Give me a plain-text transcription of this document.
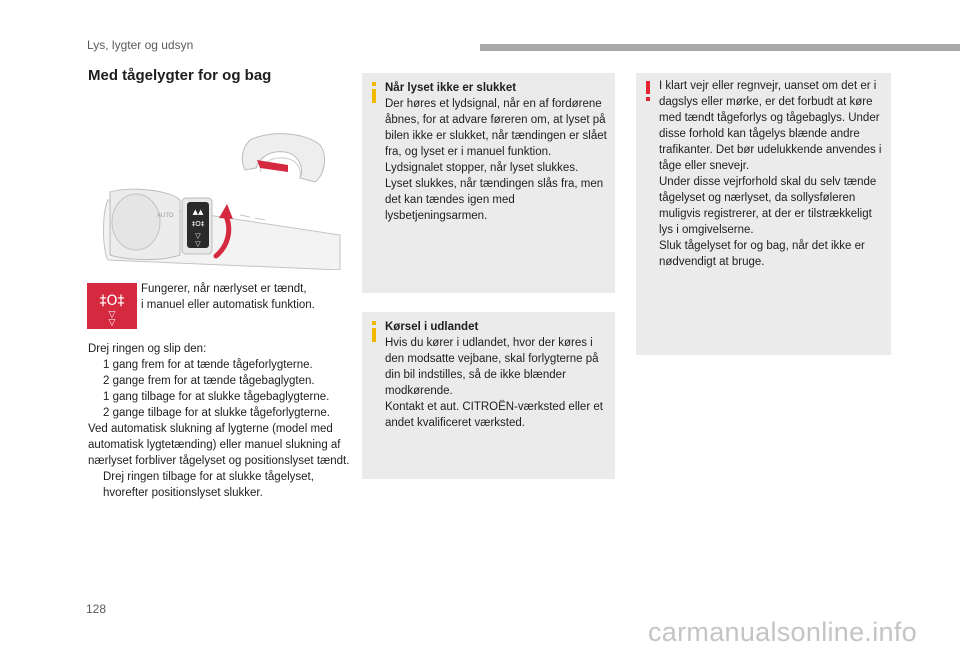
Lys, lygter og udsyn
Med tågelygter for og bag
▲▲
‡O‡
▽
▽
AUTO
‡O‡
▽
▽
Fungerer, når nærlyset er tændt,
i manuel eller automatisk funktion.

Drej ringen og slip den:

1 gang frem for at tænde tågeforlygterne.

2 gange frem for at tænde tågebaglygten.

1 gang tilbage for at slukke tågebaglygterne.

2 gange tilbage for at slukke tågeforlygterne.

Ved automatisk slukning af lygterne (model med automatisk lygtetænding) eller manuel slukning af nærlyset forbliver tågelyset og positionslyset tændt.

Drej ringen tilbage for at slukke tågelyset, hvorefter positionslyset slukker.

Når lyset ikke er slukket

Der høres et lydsignal, når en af fordørene åbnes, for at advare føreren om, at lyset på bilen ikke er slukket, når tændingen er slået fra, og lyset er i manuel funktion. Lydsignalet stopper, når lyset slukkes. Lyset slukkes, når tændingen slås fra, men det kan tændes igen med lysbetjeningsarmen.

Kørsel i udlandet

Hvis du kører i udlandet, hvor der køres i den modsatte vejbane, skal forlygterne på din bil indstilles, så de ikke blænder modkørende.

Kontakt et aut. CITROËN-værksted eller et andet kvalificeret værksted.

I klart vejr eller regnvejr, uanset om det er i dagslys eller mørke, er det forbudt at køre med tændt tågeforlys og tågebaglys. Under disse forhold kan tågelys blænde andre trafikanter. Det bør udelukkende anvendes i tåge eller snevejr.

Under disse vejrforhold skal du selv tænde tågelyset og nærlyset, da sollysføleren muligvis registrerer, at der er tilstrækkeligt lys i omgivelserne.

Sluk tågelyset for og bag, når det ikke er nødvendigt at bruge.

128
carmanualsonline.info
